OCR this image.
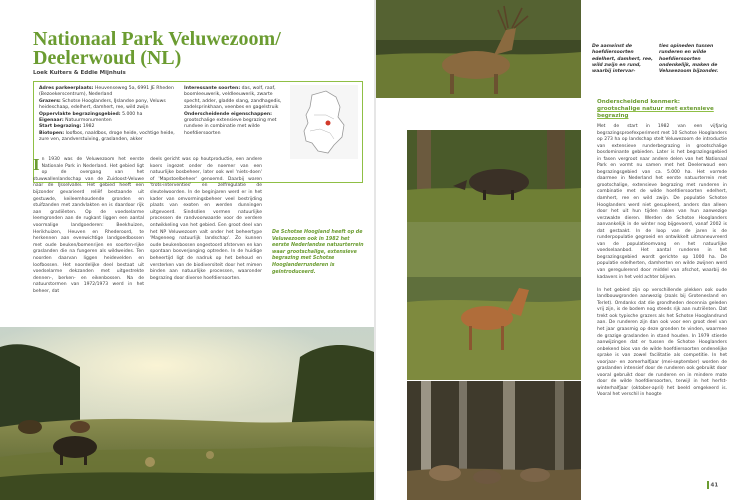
Nationaal Park Veluwezoom/ Deelerwoud (NL)
Loek Kuiters & Eddie Mijnhuis

Adres parkeerplaats: Heuvenseweg 5a, 6991 JE Rheden (Bezoekerscentrum), Nederland

Grazers: Schotse Hooglanders, IJslandse pony, Veluws heideschaap, edelhert, damhert, ree, wild zwijn

Oppervlakte begrazingsgebied: 5.000 ha

Eigenaar: Natuurmonumenten

Start begrazing: 1982

Biotopen: loofbos, naaldbos, droge heide, vochtige heide, zure ven, zandverstuiving, graslanden, akker

Interessante soorten: das, wolf, raaf, boomleeuwerik, veldleeuwerik, zwarte specht, adder, gladde slang, zandhagedis, zadelsprinkhaan, veenbes en gagelstruik

Onderscheidende eigenschappen: grootschalige extensieve begrazing met rundvee in combinatie met wilde hoefdiersoorten

I n 1930 was de Veluwezoom het eerste Nationale Park in Nederland. Het gebied ligt op de overgang van het stuwwallenlandschap van de Zuidoost-Veluwe naar de IJsselvallei. Het gebied heeft een bijzonder gevarieerd reliëf bestaande uit gestuwde, keileemhoudende gronden en stuifzanden met zandvlakten en is daardoor rijk aan gradiënten. Op de voedselarme leemgronden aan de rugkant liggen een aantal voormalige landgoederen: Beekhuizen, Herikhuizen, Heuven en Rhederoord, te herkennen aan evenwichtige landgoedbossen met oude beuken/bomenrijen en soorten-rijke graslanden die na fungeren als wildweides. Ten noorden daarvan liggen heidevelden en loofbossen. Het noordelijke deel bestaat uit voedselarme dekzanden met uitgestrekte dennen-, berken- en eikenbossen. Na de natuurstormen van 1972/1973 werd in het beheer, dat
deels gericht was op houtproductie, een andere koers ingezet onder de noemer van een natuurlijke bosbeheer, later ook wel 'niets-doen' of 'Mapstoelbeheer' genoemd. Daarbij waren 'trots-interventies' en zelfregulatie de sleutelwoorden. In de beginjaren werd er in het kader van omvormingsbeheer veel bestrijding plaats van exoten en werden dunningen uitgevoerd. Sindsdien vormen natuurlijke processen de randvoorwaarde voor de verdere ontwikkeling van het gebied. Een groot deel van het NP Veluwezoom valt onder het beheertype 'Mageneeg natuurlijk landschap'. Zo kunnen oude beukenbossen ongestoord afsterven en kan spontaan bosverjonging optreden. In de huidige beheertijd ligt de nadruk op het behoud en versterken van de biodiversiteit door het mimen binden aan natuurlijke processen, waaronder begrazing door diverse hoefdiersoorten.
De Schotse Hoogland heeft op de Veluwezoom ook in 1982 het eerste Nederlandse natuurterrein waar grootschalige, extensieve begrazing met Schotse Hooglanderrunderen is geïntroduceerd.
De aanwinst de hoefdiersoorten edelhert, damhert, ree, wild zwijn en rund, waarbij intervar-
ties opineden tussen runderen en wilde hoefdiersoorten ondenkelijk, maken de Veluwezoom bijzonder.
Onderscheidend kenmerk:
grootschalige natuur met extensieve begrazing
Met de start in 1982 van een vijfjarig begrazingsproefexperiment met 10 Schotse Hooglanders op 273 ha op landschap stelt Veluwezoom de introductie van extensieve runderbegrazing in grootschalige bosdominante gebieden. Later is het begrazingsgebied in fasen vergroot naar andere delen van het Nationaal Park en vormt nu samen met het Deelerwoud een begrazingsgebied van ca. 5.000 ha. Het vormde daarmee in Nederland het eerste natuurterrein met grootschalige, extensieve begrazing met runderen in combinatie met de wilde hoefdiersoorten edelhert, damhert, ree en wild zwijn. De populatie Schotse Hooglanders werd niet gesupleerd, anders dan alleen door het uit hun tijden raken van hun aanwezige verzwakte dieren. Werden de Schotse Hooglanders aanvankelijk in de winter nog bijgevoerd, vanaf 2002 is dat gestaakt. In de loop van de jaren is de runderpopulatie gegroeid en ontwikkelt uitmaneuvreerd van de populatieomvang en het natuurlijke voedselaanbod. Het aantal runderen in het begrazingsgebied wordt gerichte op 1000 ha. De populatie edelherten, damherten en wilde zwijnen werd van geregulerend door middel van afschot, waarbij de kadavers in het veld achter blijven.

In het gebied zijn op verschillende plekken ook oude landbouwgronden aanwezig (zoals bij Grotenesland en Terlet). Omdanks dat die grondheden decennia geleden vrij zijn, is de bodem nog steeds rijk aan nutriënten. Dat trekt ook typische grazers als het Schotse Hooglandrund aan. De runderen zijn dan ook voor een groot deel van het jaar graasmig op deze gronden te vinden, waarmee de grazige graslanden in stand houden. In 1979 stierde aanwijzingen dat er tussen de Schotse Hooglanders onbekend bios van de wilde hoefdiersoorten ondenelijke sprake is van zowel facilitatie als competitie. In het voorjaar- en zomerhalfjaar (mei-september) worden de graslanden intensief door de runderen ook gebruikt door vooral gebruikt door de runderen en in mindere mate door de wilde hoefdiersoorten, terwijl in het herfst-winterhalfjaar (oktober-april) het beeld omgekeerd is. Vooral het verschil in hoogte
41
